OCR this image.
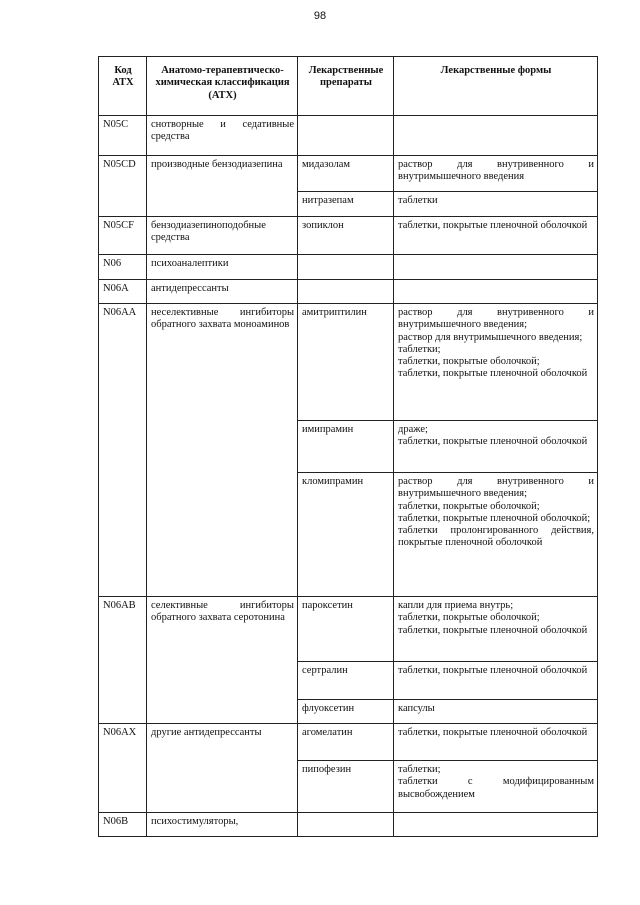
98
Код АТХ	Анатомо-терапевтическо-химическая классификация (АТХ)	Лекарственные препараты	Лекарственные формы
N05C	снотворные и седативные средства		
N05CD	производные бензодиазепина	мидазолам	раствор для внутривенного и внутримышечного введения
		нитразепам	таблетки
N05CF	бензодиазепиноподобные средства	зопиклон	таблетки, покрытые пленочной оболочкой
N06	психоаналептики		
N06A	антидепрессанты		
N06AA	неселективные ингибиторы обратного захвата моноаминов	амитриптилин	раствор для внутривенного и внутримышечного введения;
раствор для внутримышечного введения;
таблетки;
таблетки, покрытые оболочкой;
таблетки, покрытые пленочной оболочкой

		имипрамин	драже;
таблетки, покрытые пленочной оболочкой

		кломипрамин	раствор для внутривенного и внутримышечного введения;
таблетки, покрытые оболочкой;
таблетки, покрытые пленочной оболочкой;
таблетки пролонгированного действия, покрытые пленочной оболочкой

N06AB	селективные ингибиторы обратного захвата серотонина	пароксетин	капли для приема внутрь;
таблетки, покрытые оболочкой;
таблетки, покрытые пленочной оболочкой

		сертралин	таблетки, покрытые пленочной оболочкой
		флуоксетин	капсулы
N06AX	другие антидепрессанты	агомелатин	таблетки, покрытые пленочной оболочкой
		пипофезин	таблетки;
таблетки с модифицированным высвобождением

N06B	психостимуляторы,		
